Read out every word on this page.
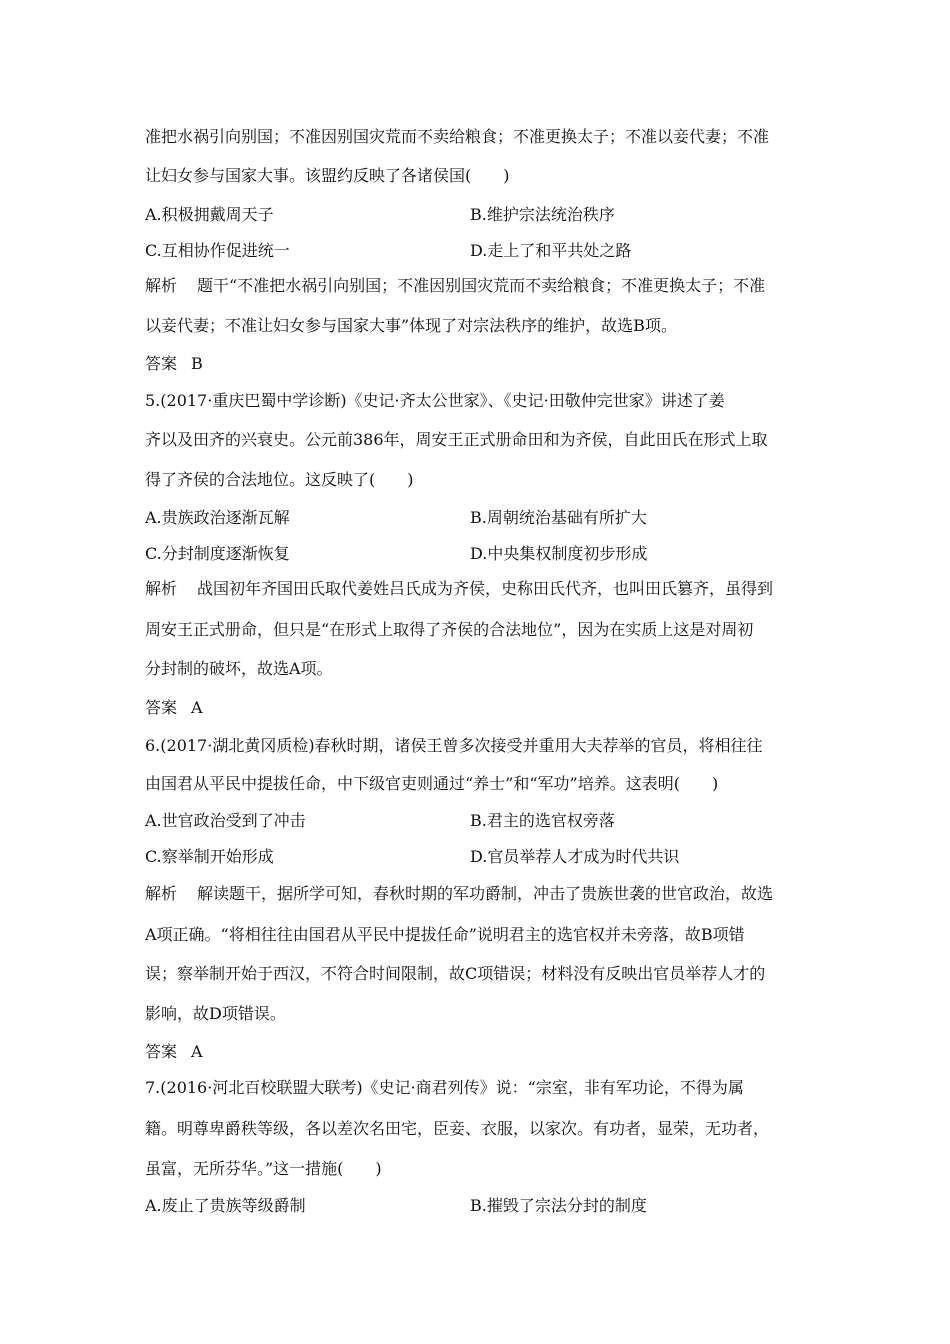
准把水祸引向别国；不准因别国灾荒而不卖给粮食；不准更换太子；不准以妾代妻；不准
让妇女参与国家大事。该盟约反映了各诸侯国(　　)
A.积极拥戴周天子	B.维护宗法统治秩序
C.互相协作促进统一	D.走上了和平共处之路
解析 题干“不准把水祸引向别国；不准因别国灾荒而不卖给粮食；不准更换太子；不准
以妾代妻；不准让妇女参与国家大事”体现了对宗法秩序的维护，故选B项。
答案 B
5.(2017·重庆巴蜀中学诊断)《史记·齐太公世家》、《史记·田敬仲完世家》讲述了姜
齐以及田齐的兴衰史。公元前386年，周安王正式册命田和为齐侯，自此田氏在形式上取
得了齐侯的合法地位。这反映了(　　)
A.贵族政治逐渐瓦解	B.周朝统治基础有所扩大
C.分封制度逐渐恢复	D.中央集权制度初步形成
解析 战国初年齐国田氏取代姜姓吕氏成为齐侯，史称田氏代齐，也叫田氏篡齐，虽得到
周安王正式册命，但只是“在形式上取得了齐侯的合法地位”，因为在实质上这是对周初
分封制的破坏，故选A项。
答案 A
6.(2017·湖北黄冈质检)春秋时期，诸侯王曾多次接受并重用大夫荐举的官员，将相往往
由国君从平民中提拔任命，中下级官吏则通过“养士”和“军功”培养。这表明(　　)
A.世官政治受到了冲击	B.君主的选官权旁落
C.察举制开始形成	D.官员举荐人才成为时代共识
解析 解读题干，据所学可知，春秋时期的军功爵制，冲击了贵族世袭的世官政治，故选
A项正确。“将相往往由国君从平民中提拔任命”说明君主的选官权并未旁落，故B项错
误；察举制开始于西汉，不符合时间限制，故C项错误；材料没有反映出官员举荐人才的
影响，故D项错误。
答案 A
7.(2016·河北百校联盟大联考)《史记·商君列传》说：“宗室，非有军功论，不得为属
籍。明尊卑爵秩等级，各以差次名田宅，臣妾、衣服，以家次。有功者，显荣，无功者，
虽富，无所芬华。”这一措施(　　)
A.废止了贵族等级爵制	B.摧毁了宗法分封的制度
